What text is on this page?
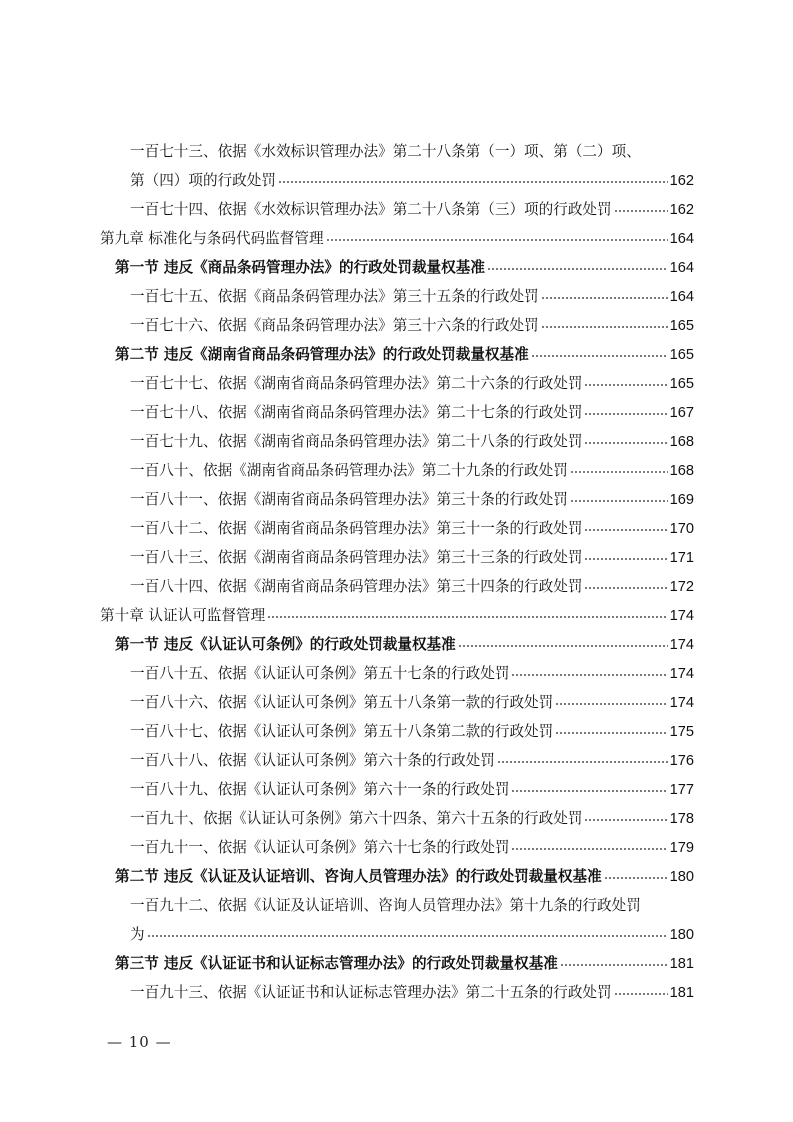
一百七十三、依据《水效标识管理办法》第二十八条第（一）项、第（二）项、
第（四）项的行政处罚	162
一百七十四、依据《水效标识管理办法》第二十八条第（三）项的行政处罚	162
第九章 标准化与条码代码监督管理	164
第一节 违反《商品条码管理办法》的行政处罚裁量权基准	164
一百七十五、依据《商品条码管理办法》第三十五条的行政处罚	164
一百七十六、依据《商品条码管理办法》第三十六条的行政处罚	165
第二节 违反《湖南省商品条码管理办法》的行政处罚裁量权基准	165
一百七十七、依据《湖南省商品条码管理办法》第二十六条的行政处罚	165
一百七十八、依据《湖南省商品条码管理办法》第二十七条的行政处罚	167
一百七十九、依据《湖南省商品条码管理办法》第二十八条的行政处罚	168
一百八十、依据《湖南省商品条码管理办法》第二十九条的行政处罚	168
一百八十一、依据《湖南省商品条码管理办法》第三十条的行政处罚	169
一百八十二、依据《湖南省商品条码管理办法》第三十一条的行政处罚	170
一百八十三、依据《湖南省商品条码管理办法》第三十三条的行政处罚	171
一百八十四、依据《湖南省商品条码管理办法》第三十四条的行政处罚	172
第十章 认证认可监督管理	174
第一节 违反《认证认可条例》的行政处罚裁量权基准	174
一百八十五、依据《认证认可条例》第五十七条的行政处罚	174
一百八十六、依据《认证认可条例》第五十八条第一款的行政处罚	174
一百八十七、依据《认证认可条例》第五十八条第二款的行政处罚	175
一百八十八、依据《认证认可条例》第六十条的行政处罚	176
一百八十九、依据《认证认可条例》第六十一条的行政处罚	177
一百九十、依据《认证认可条例》第六十四条、第六十五条的行政处罚	178
一百九十一、依据《认证认可条例》第六十七条的行政处罚	179
第二节 违反《认证及认证培训、咨询人员管理办法》的行政处罚裁量权基准	180
一百九十二、依据《认证及认证培训、咨询人员管理办法》第十九条的行政处罚
为	180
第三节 违反《认证证书和认证标志管理办法》的行政处罚裁量权基准	181
一百九十三、依据《认证证书和认证标志管理办法》第二十五条的行政处罚	181
— 10 —
